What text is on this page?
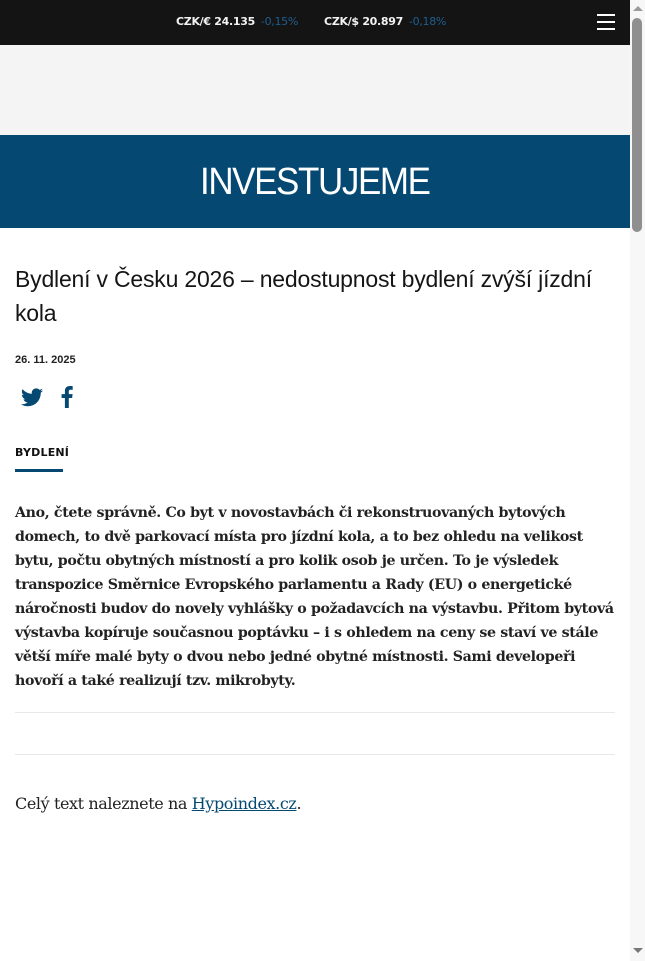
CZK/€ 24.135 -0,15% CZK/$ 20.897 -0,18%
INVESTUJEME
Bydlení v Česku 2026 – nedostupnost bydlení zvýší jízdní kola
26. 11. 2025
BYDLENÍ

Ano, čtete správně. Co byt v novostavbách či rekonstruovaných bytových domech, to dvě parkovací místa pro jízdní kola, a to bez ohledu na velikost bytu, počtu obytných místností a pro kolik osob je určen. To je výsledek transpozice Směrnice Evropského parlamentu a Rady (EU) o energetické náročnosti budov do novely vyhlášky o požadavcích na výstavbu. Přitom bytová výstavba kopíruje současnou poptávku – i s ohledem na ceny se staví ve stále větší míře malé byty o dvou nebo jedné obytné místnosti. Sami developeři hovoří a také realizují tzv. mikrobyty.

Celý text naleznete na Hypoindex.cz.
